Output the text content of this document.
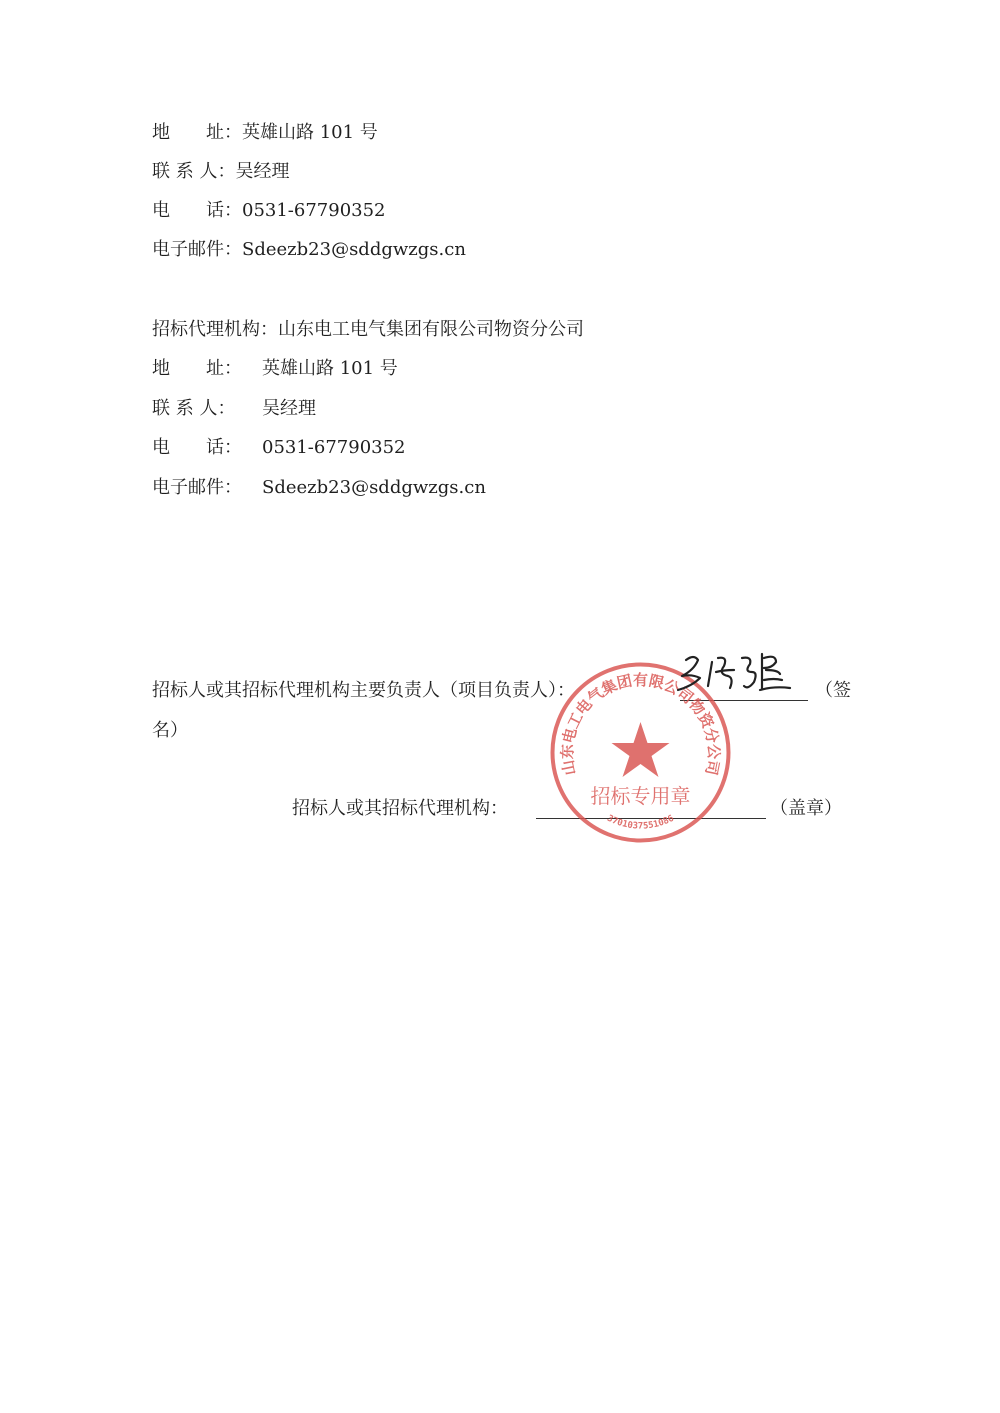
地　　址：英雄山路 101 号
联 系 人：吴经理
电　　话：0531-67790352
电子邮件：Sdeezb23@sddgwzgs.cn
招标代理机构：山东电工电气集团有限公司物资分公司
地　　址： 英雄山路 101 号
联 系 人： 吴经理
电　　话： 0531-67790352
电子邮件： Sdeezb23@sddgwzgs.cn
招标人或其招标代理机构主要负责人（项目负责人）：	（签
名）
招标人或其招标代理机构：	（盖章）
山东电工电气集团有限公司物资分公司
招标专用章
3701037551086
